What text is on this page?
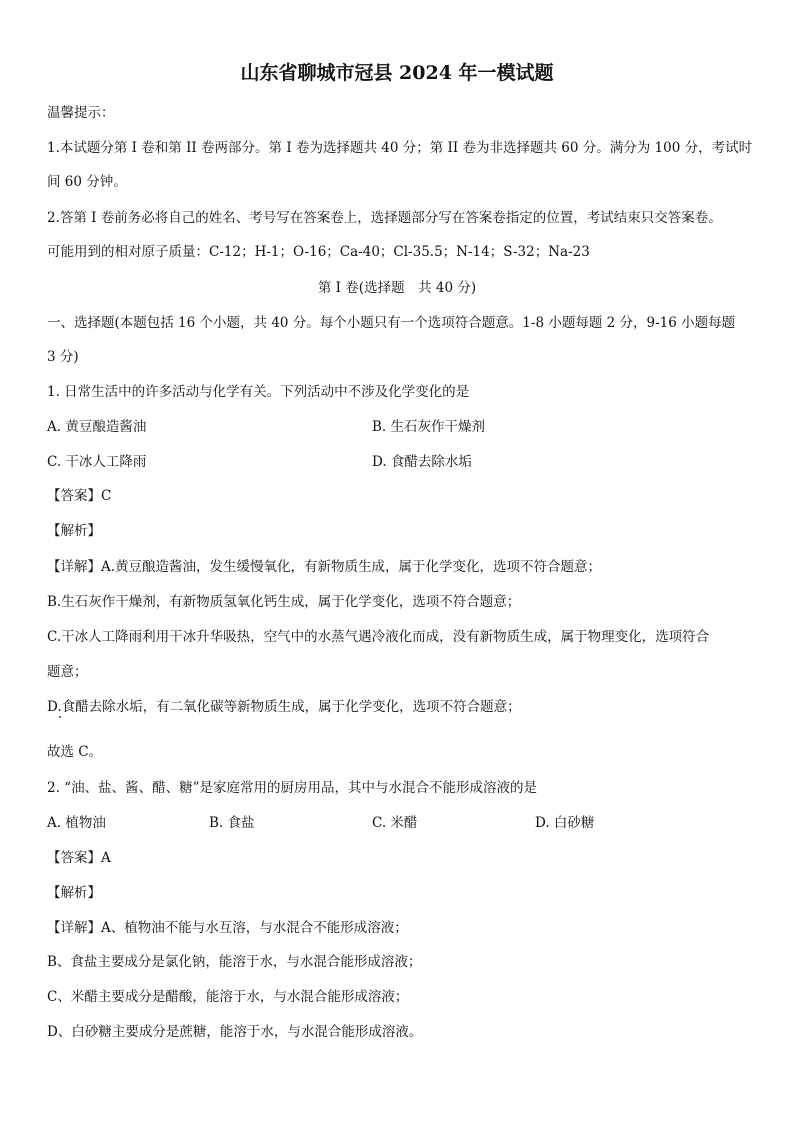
山东省聊城市冠县 2024 年一模试题
温馨提示：
1.本试题分第 I 卷和第 II 卷两部分。第 I 卷为选择题共 40 分；第 II 卷为非选择题共 60 分。满分为 100 分，考试时
间 60 分钟。
2.答第 I 卷前务必将自己的姓名、考号写在答案卷上，选择题部分写在答案卷指定的位置，考试结束只交答案卷。
可能用到的相对原子质量：C-12；H-1；O-16；Ca-40；Cl-35.5；N-14；S-32；Na-23
第 I 卷(选择题　共 40 分)
一、选择题(本题包括 16 个小题，共 40 分。每个小题只有一个选项符合题意。1-8 小题每题 2 分，9-16 小题每题
3 分)
1. 日常生活中的许多活动与化学有关。下列活动中不涉及化学变化的是
A. 黄豆酿造酱油	B. 生石灰作干燥剂
C. 干冰人工降雨	D. 食醋去除水垢
【答案】C
【解析】
【详解】A.黄豆酿造酱油，发生缓慢氧化，有新物质生成，属于化学变化，选项不符合题意；
B.生石灰作干燥剂，有新物质氢氧化钙生成，属于化学变化，选项不符合题意；
C.干冰人工降雨利用干冰升华吸热，空气中的水蒸气遇冷液化而成，没有新物质生成，属于物理变化，选项符合
题意；
D.食醋去除水垢，有二氧化碳等新物质生成，属于化学变化，选项不符合题意；
故选 C。
2. “油、盐、酱、醋、糖”是家庭常用的厨房用品，其中与水混合不能形成溶液的是
A. 植物油	B. 食盐	C. 米醋	D. 白砂糖
【答案】A
【解析】
【详解】A、植物油不能与水互溶，与水混合不能形成溶液；
B、食盐主要成分是氯化钠，能溶于水，与水混合能形成溶液；
C、米醋主要成分是醋酸，能溶于水，与水混合能形成溶液；
D、白砂糖主要成分是蔗糖，能溶于水，与水混合能形成溶液。
